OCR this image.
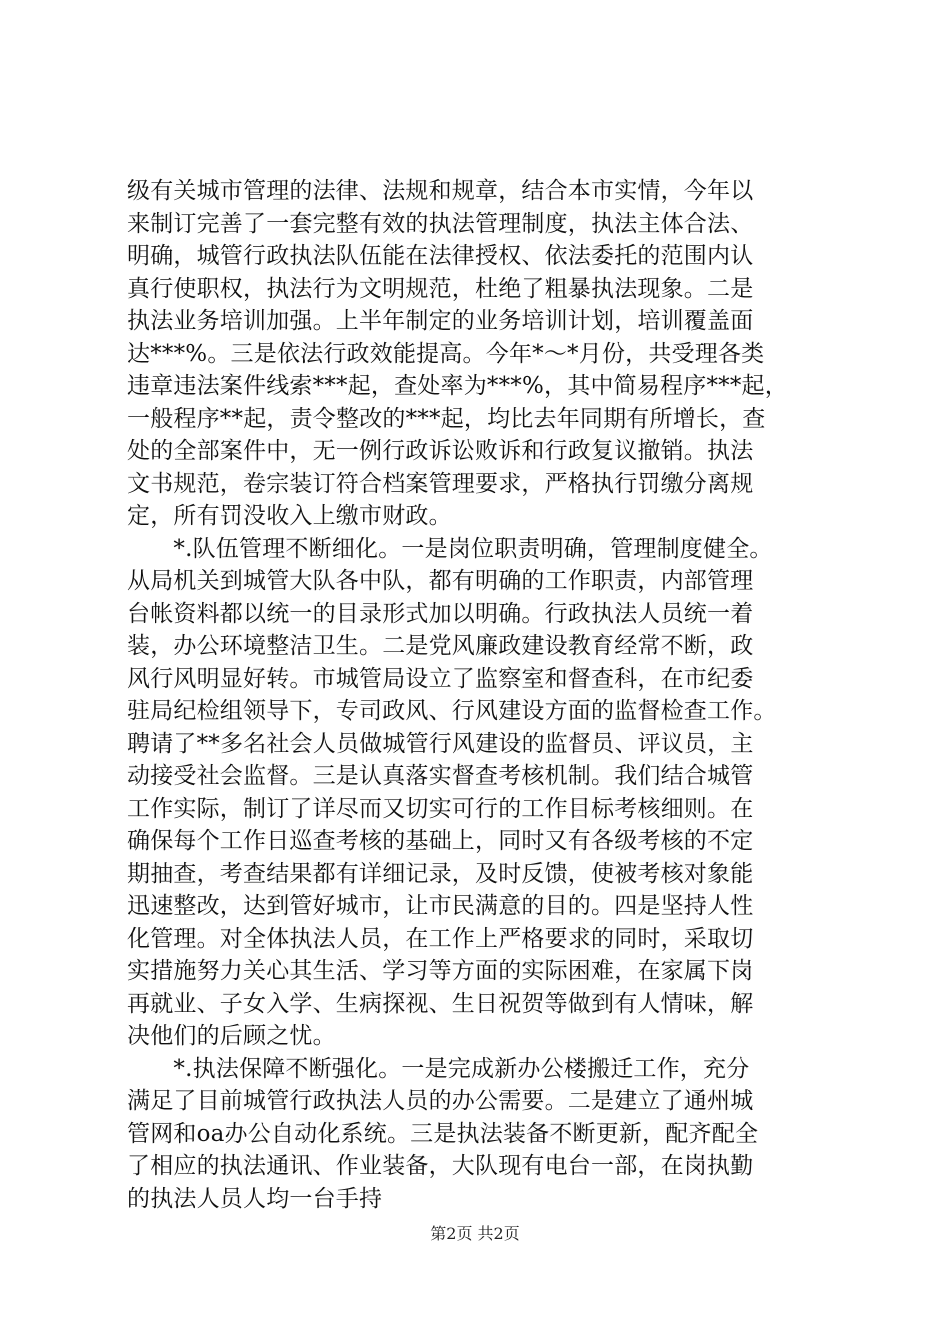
级有关城市管理的法律、法规和规章，结合本市实情，今年以
来制订完善了一套完整有效的执法管理制度，执法主体合法、
明确，城管行政执法队伍能在法律授权、依法委托的范围内认
真行使职权，执法行为文明规范，杜绝了粗暴执法现象。二是
执法业务培训加强。上半年制定的业务培训计划，培训覆盖面
达***%。三是依法行政效能提高。今年*～*月份，共受理各类
违章违法案件线索***起，查处率为***%，其中简易程序***起，
一般程序**起，责令整改的***起，均比去年同期有所增长，查
处的全部案件中，无一例行政诉讼败诉和行政复议撤销。执法
文书规范，卷宗装订符合档案管理要求，严格执行罚缴分离规
定，所有罚没收入上缴市财政。
　　*.队伍管理不断细化。一是岗位职责明确，管理制度健全。
从局机关到城管大队各中队，都有明确的工作职责，内部管理
台帐资料都以统一的目录形式加以明确。行政执法人员统一着
装，办公环境整洁卫生。二是党风廉政建设教育经常不断，政
风行风明显好转。市城管局设立了监察室和督查科，在市纪委
驻局纪检组领导下，专司政风、行风建设方面的监督检查工作。
聘请了**多名社会人员做城管行风建设的监督员、评议员，主
动接受社会监督。三是认真落实督查考核机制。我们结合城管
工作实际，制订了详尽而又切实可行的工作目标考核细则。在
确保每个工作日巡查考核的基础上，同时又有各级考核的不定
期抽查，考查结果都有详细记录，及时反馈，使被考核对象能
迅速整改，达到管好城市，让市民满意的目的。四是坚持人性
化管理。对全体执法人员，在工作上严格要求的同时，采取切
实措施努力关心其生活、学习等方面的实际困难，在家属下岗
再就业、子女入学、生病探视、生日祝贺等做到有人情味，解
决他们的后顾之忧。
　　*.执法保障不断强化。一是完成新办公楼搬迁工作，充分
满足了目前城管行政执法人员的办公需要。二是建立了通州城
管网和oa办公自动化系统。三是执法装备不断更新，配齐配全
了相应的执法通讯、作业装备，大队现有电台一部，在岗执勤
的执法人员人均一台手持
第2页 共2页
